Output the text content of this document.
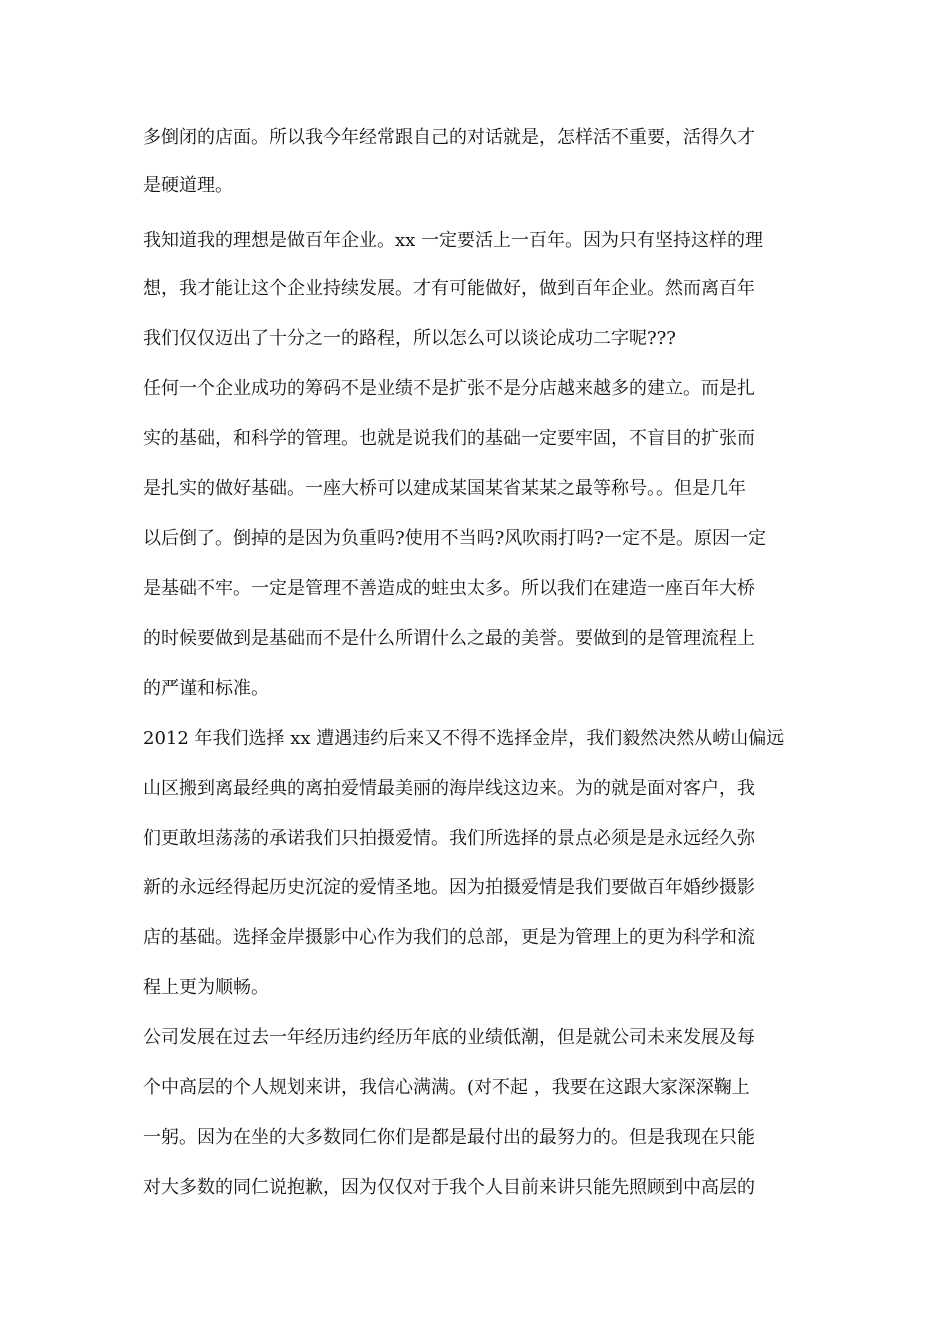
多倒闭的店面。所以我今年经常跟自己的对话就是，怎样活不重要，活得久才
是硬道理。
我知道我的理想是做百年企业。xx 一定要活上一百年。因为只有坚持这样的理
想，我才能让这个企业持续发展。才有可能做好，做到百年企业。然而离百年
我们仅仅迈出了十分之一的路程，所以怎么可以谈论成功二字呢???
任何一个企业成功的筹码不是业绩不是扩张不是分店越来越多的建立。而是扎
实的基础，和科学的管理。也就是说我们的基础一定要牢固，不盲目的扩张而
是扎实的做好基础。一座大桥可以建成某国某省某某之最等称号。。但是几年
以后倒了。倒掉的是因为负重吗?使用不当吗?风吹雨打吗?一定不是。原因一定
是基础不牢。一定是管理不善造成的蛀虫太多。所以我们在建造一座百年大桥
的时候要做到是基础而不是什么所谓什么之最的美誉。要做到的是管理流程上
的严谨和标准。
2012 年我们选择 xx 遭遇违约后来又不得不选择金岸，我们毅然决然从崂山偏远
山区搬到离最经典的离拍爱情最美丽的海岸线这边来。为的就是面对客户，我
们更敢坦荡荡的承诺我们只拍摄爱情。我们所选择的景点必须是是永远经久弥
新的永远经得起历史沉淀的爱情圣地。因为拍摄爱情是我们要做百年婚纱摄影
店的基础。选择金岸摄影中心作为我们的总部，更是为管理上的更为科学和流
程上更为顺畅。
公司发展在过去一年经历违约经历年底的业绩低潮，但是就公司未来发展及每
个中高层的个人规划来讲，我信心满满。(对不起 ，我要在这跟大家深深鞠上
一躬。因为在坐的大多数同仁你们是都是最付出的最努力的。但是我现在只能
对大多数的同仁说抱歉，因为仅仅对于我个人目前来讲只能先照顾到中高层的
